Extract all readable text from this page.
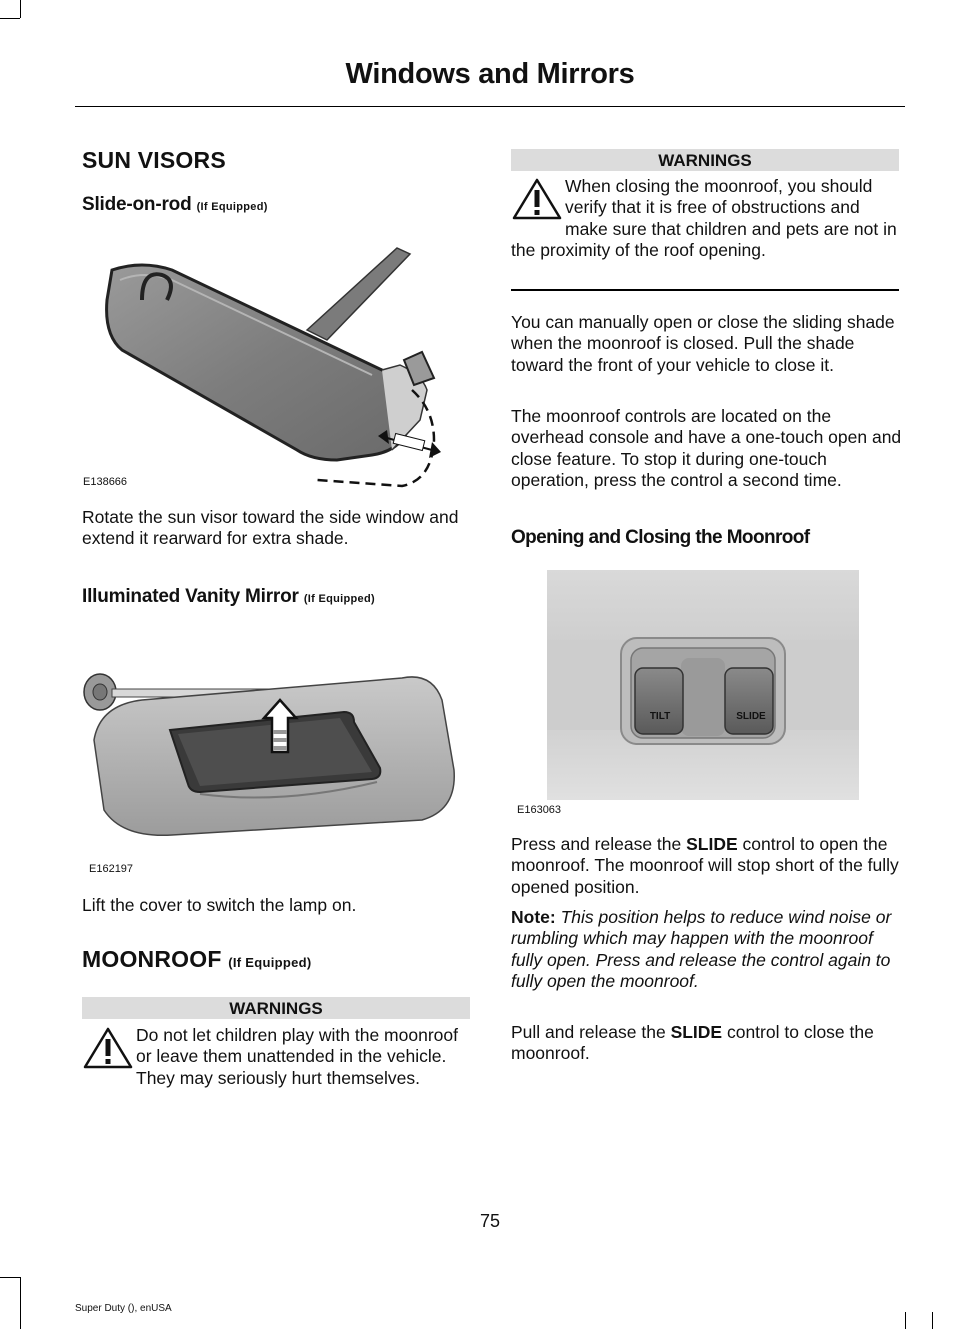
Windows and Mirrors
SUN VISORS
Slide-on-rod (If Equipped)
E138666
Rotate the sun visor toward the side window and extend it rearward for extra shade.
Illuminated Vanity Mirror (If Equipped)
E162197
Lift the cover to switch the lamp on.
MOONROOF (If Equipped)
WARNINGS
Do not let children play with the moonroof or leave them unattended in the vehicle. They may seriously hurt themselves.
WARNINGS
When closing the moonroof, you should verify that it is free of obstructions and make sure that children and pets are not in the proximity of the roof opening.
You can manually open or close the sliding shade when the moonroof is closed. Pull the shade toward the front of your vehicle to close it.
The moonroof controls are located on the overhead console and have a one-touch open and close feature. To stop it during one-touch operation, press the control a second time.
Opening and Closing the Moonroof
TILT	SLIDE
E163063
Press and release the SLIDE control to open the moonroof. The moonroof will stop short of the fully opened position.
Note: This position helps to reduce wind noise or rumbling which may happen with the moonroof fully open. Press and release the control again to fully open the moonroof.
Pull and release the SLIDE control to close the moonroof.
75
Super Duty (), enUSA
